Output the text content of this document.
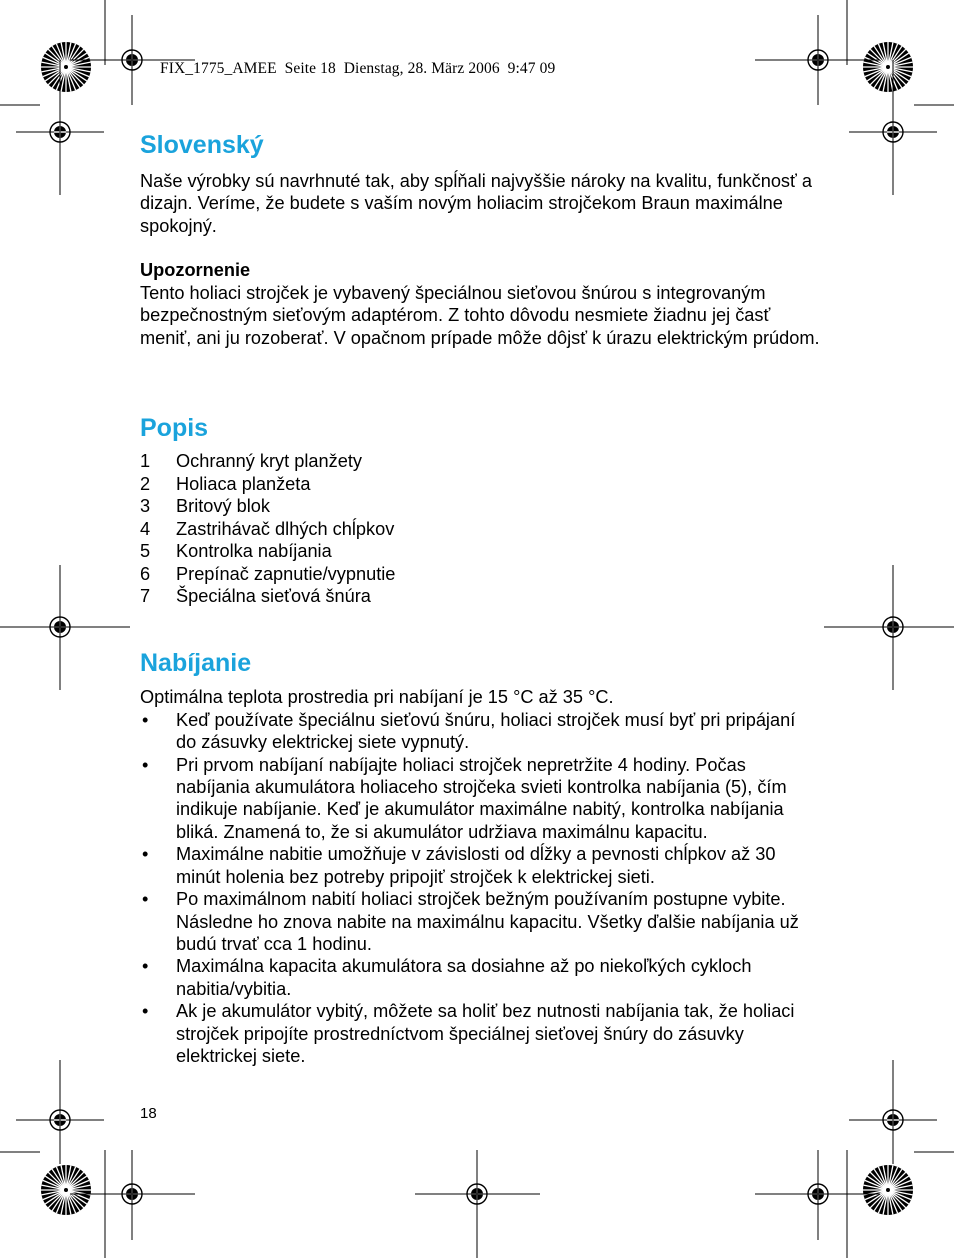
FIX_1775_AMEE  Seite 18  Dienstag, 28. März 2006  9:47 09
Slovenský

Naše výrobky sú navrhnuté tak, aby spĺňali najvyššie nároky na kvalitu, funkčnosť a dizajn. Veríme, že budete s vaším novým holiacim strojčekom Braun maximálne spokojný.

Upozornenie

Tento holiaci strojček je vybavený špeciálnou sieťovou šnúrou s integrovaným bezpečnostným sieťovým adaptérom. Z tohto dôvodu nesmiete žiadnu jej časť meniť, ani ju rozoberať. V opačnom prípade môže dôjsť k úrazu elektrickým prúdom.

Popis
1 Ochranný kryt planžety
2 Holiaca planžeta
3 Britový blok
4 Zastrihávač dlhých chĺpkov
5 Kontrolka nabíjania
6 Prepínač zapnutie/vypnutie
7 Špeciálna sieťová šnúra
Nabíjanie

Optimálna teplota prostredia pri nabíjaní je 15 °C až 35 °C.

• Keď používate špeciálnu sieťovú šnúru, holiaci strojček musí byť pri pripájaní do zásuvky elektrickej siete vypnutý.
• Pri prvom nabíjaní nabíjajte holiaci strojček nepretržite 4 hodiny. Počas nabíjania akumulátora holiaceho strojčeka svieti kontrolka nabíjania (5), čím indikuje nabíjanie. Keď je akumulátor maximálne nabitý, kontrolka nabíjania bliká. Znamená to, že si akumulátor udržiava maximálnu kapacitu.
• Maximálne nabitie umožňuje v závislosti od dĺžky a pevnosti chĺpkov až 30 minút holenia bez potreby pripojiť strojček k elektrickej sieti.
• Po maximálnom nabití holiaci strojček bežným používaním postupne vybite. Následne ho znova nabite na maximálnu kapacitu. Všetky ďalšie nabíjania už budú trvať cca 1 hodinu.
• Maximálna kapacita akumulátora sa dosiahne až po niekoľkých cykloch nabitia/vybitia.
• Ak je akumulátor vybitý, môžete sa holiť bez nutnosti nabíjania tak, že holiaci strojček pripojíte prostredníctvom špeciálnej sieťovej šnúry do zásuvky elektrickej siete.
18
